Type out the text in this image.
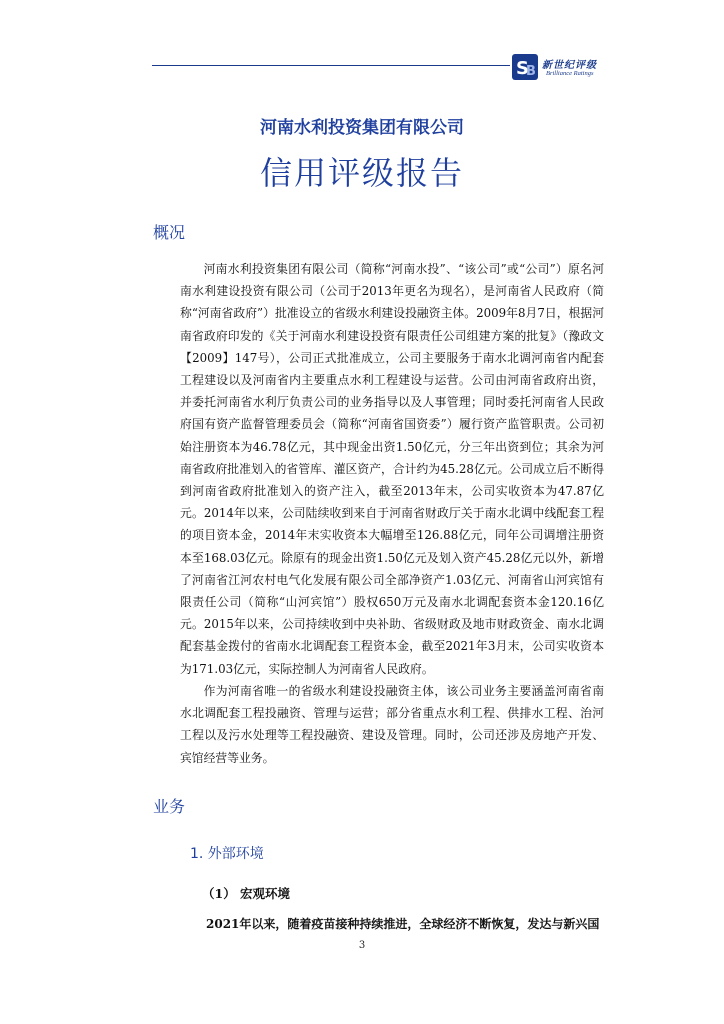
S
B 新世纪评级
Brilliance Ratings
河南水利投资集团有限公司
信用评级报告
概况

河南水利投资集团有限公司（简称“河南水投”、“该公司”或“公司”）原名河南水利建设投资有限公司（公司于2013年更名为现名），是河南省人民政府（简称“河南省政府”）批准设立的省级水利建设投融资主体。2009年8月7日，根据河南省政府印发的《关于河南水利建设投资有限责任公司组建方案的批复》（豫政文【2009】147号），公司正式批准成立，公司主要服务于南水北调河南省内配套工程建设以及河南省内主要重点水利工程建设与运营。公司由河南省政府出资，并委托河南省水利厅负责公司的业务指导以及人事管理；同时委托河南省人民政府国有资产监督管理委员会（简称“河南省国资委”）履行资产监管职责。公司初始注册资本为46.78亿元，其中现金出资1.50亿元，分三年出资到位；其余为河南省政府批准划入的省管库、灌区资产，合计约为45.28亿元。公司成立后不断得到河南省政府批准划入的资产注入，截至2013年末，公司实收资本为47.87亿元。2014年以来，公司陆续收到来自于河南省财政厅关于南水北调中线配套工程的项目资本金，2014年末实收资本大幅增至126.88亿元，同年公司调增注册资本至168.03亿元。除原有的现金出资1.50亿元及划入资产45.28亿元以外，新增了河南省江河农村电气化发展有限公司全部净资产1.03亿元、河南省山河宾馆有限责任公司（简称“山河宾馆”）股权650万元及南水北调配套资本金120.16亿元。2015年以来，公司持续收到中央补助、省级财政及地市财政资金、南水北调配套基金拨付的省南水北调配套工程资本金，截至2021年3月末，公司实收资本为171.03亿元，实际控制人为河南省人民政府。

作为河南省唯一的省级水利建设投融资主体，该公司业务主要涵盖河南省南水北调配套工程投融资、管理与运营；部分省重点水利工程、供排水工程、治河工程以及污水处理等工程投融资、建设及管理。同时，公司还涉及房地产开发、宾馆经营等业务。

业务
1. 外部环境
（1） 宏观环境
2021年以来，随着疫苗接种持续推进，全球经济不断恢复，发达与新兴国
3
